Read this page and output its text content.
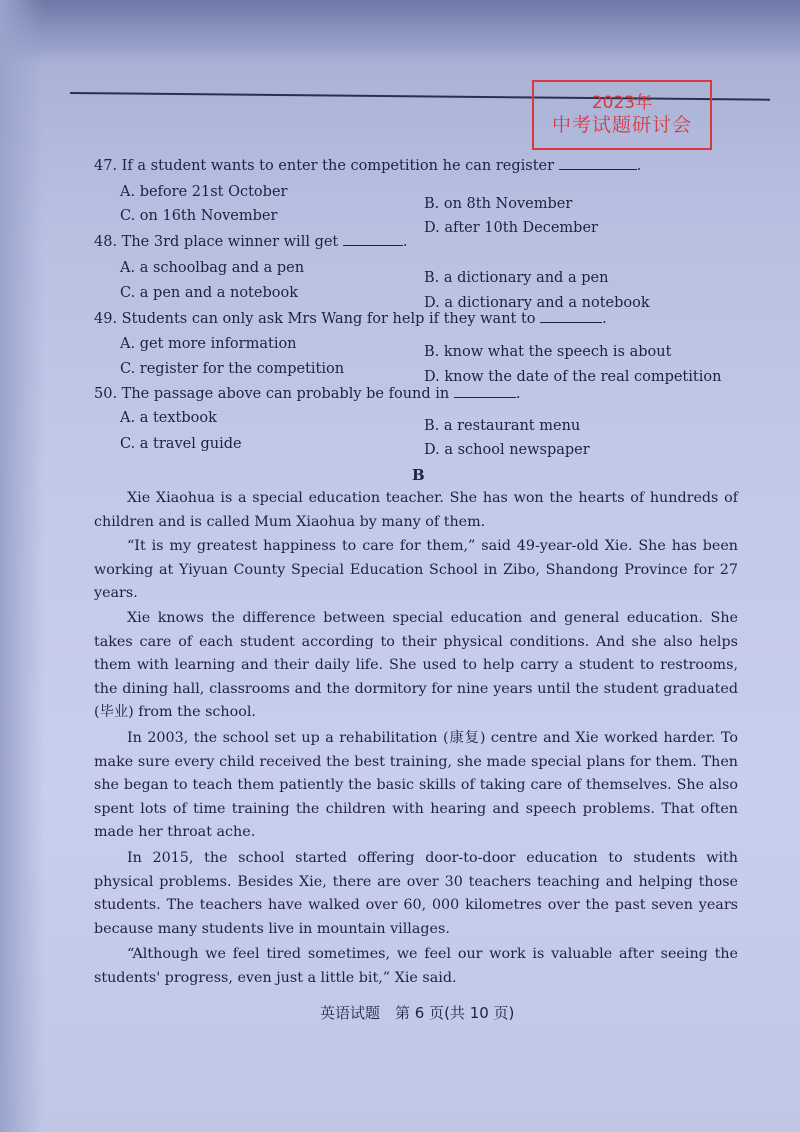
2023年
中考试题研讨会
47. If a student wants to enter the competition he can register	.
A. before 21st October
B. on 8th November
C. on 16th November
D. after 10th December
48. The 3rd place winner will get	.
A. a schoolbag and a pen
B. a dictionary and a pen
C. a pen and a notebook
D. a dictionary and a notebook
49. Students can only ask Mrs Wang for help if they want to	.
A. get more information	B. know what the speech is about
C. register for the competition	D. know the date of the real competition
50. The passage above can probably be found in	.
A. a textbook	B. a restaurant menu
C. a travel guide	D. a school newspaper
B

Xie Xiaohua is a special education teacher. She has won the hearts of hundreds of children and is called Mum Xiaohua by many of them.

“It is my greatest happiness to care for them,” said 49-year-old Xie. She has been working at Yiyuan County Special Education School in Zibo, Shandong Province for 27 years.

Xie knows the difference between special education and general education. She takes care of each student according to their physical conditions. And she also helps them with learning and their daily life. She used to help carry a student to restrooms, the dining hall, classrooms and the dormitory for nine years until the student graduated (毕业) from the school.

In 2003, the school set up a rehabilitation (康复) centre and Xie worked harder. To make sure every child received the best training, she made special plans for them. Then she began to teach them patiently the basic skills of taking care of themselves. She also spent lots of time training the children with hearing and speech problems. That often made her throat ache.

In 2015, the school started offering door-to-door education to students with physical problems. Besides Xie, there are over 30 teachers teaching and helping those students. The teachers have walked over 60, 000 kilometres over the past seven years because many students live in mountain villages.

“Although we feel tired sometimes, we feel our work is valuable after seeing the students' progress, even just a little bit,” Xie said.

英语试题　第 6 页(共 10 页)
